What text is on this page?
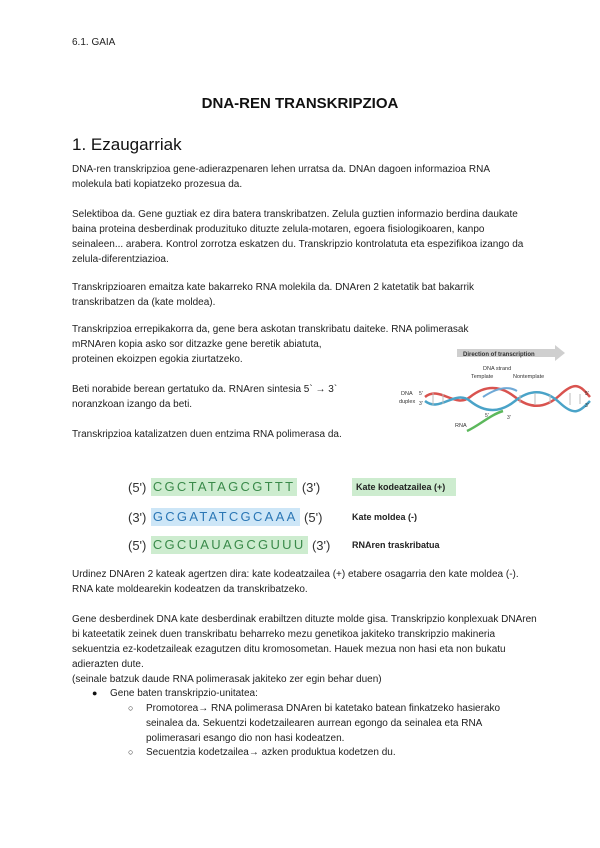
6.1. GAIA
DNA-REN TRANSKRIPZIOA
1. Ezaugarriak
DNA-ren transkripzioa gene-adierazpenaren lehen urratsa da. DNAn dagoen informazioa RNA molekula bati kopiatzeko prozesua da.
Selektiboa da. Gene guztiak ez dira batera transkribatzen. Zelula guztien informazio berdina daukate baina proteina desberdinak produzituko dituzte zelula-motaren, egoera fisiologikoaren, kanpo seinaleen... arabera. Kontrol zorrotza eskatzen du. Transkripzio kontrolatuta eta espezifikoa izango da zelula-diferentziazioa.
Transkripzioaren emaitza kate bakarreko RNA molekila da. DNAren 2 katetatik bat bakarrik transkribatzen da (kate moldea).
Transkripzioa errepikakorra da, gene bera askotan transkribatu daiteke. RNA polimerasak
mRNAren kopia asko sor ditzazke gene beretik abiatuta,
proteinen ekoizpen egokia ziurtatzeko.
Beti norabide berean gertatuko da. RNAren sintesia 5` → 3`
noranzkoan izango da beti.
Transkripzioa katalizatzen duen entzima RNA polimerasa da.
Direction of transcription
DNA strand
Template	Nontemplate
DNA
duplex
RNA
5'
3'
5'
3'
3'
5'
(5') CGCTATAGCGTTT (3')	Kate kodeatzailea (+)
(3') GCGATATCGCAAA (5')	Kate moldea (-)
(5') CGCUAUAGCGUUU (3') RNAren traskribatua
Urdinez DNAren 2 kateak agertzen dira: kate kodeatzailea (+) etabere osagarria den kate moldea (-). RNA kate moldearekin kodeatzen da transkribatzeko.
Gene desberdinek DNA kate desberdinak erabiltzen dituzte molde gisa. Transkripzio konplexuak DNAren bi kateetatik zeinek duen transkribatu beharreko mezu genetikoa jakiteko transkripzio makineria sekuentzia ez-kodetzaileak ezagutzen ditu kromosometan. Hauek mezua non hasi eta non bukatu adierazten dute.
(seinale batzuk daude RNA polimerasak jakiteko zer egin behar duen)
● Gene baten transkripzio-unitatea:
○ Promotorea→ RNA polimerasa DNAren bi katetako batean finkatzeko hasierako seinalea da. Sekuentzi kodetzailearen aurrean egongo da seinalea eta RNA polimerasari esango dio non hasi kodeatzen.
○ Secuentzia kodetzailea→ azken produktua kodetzen du.
